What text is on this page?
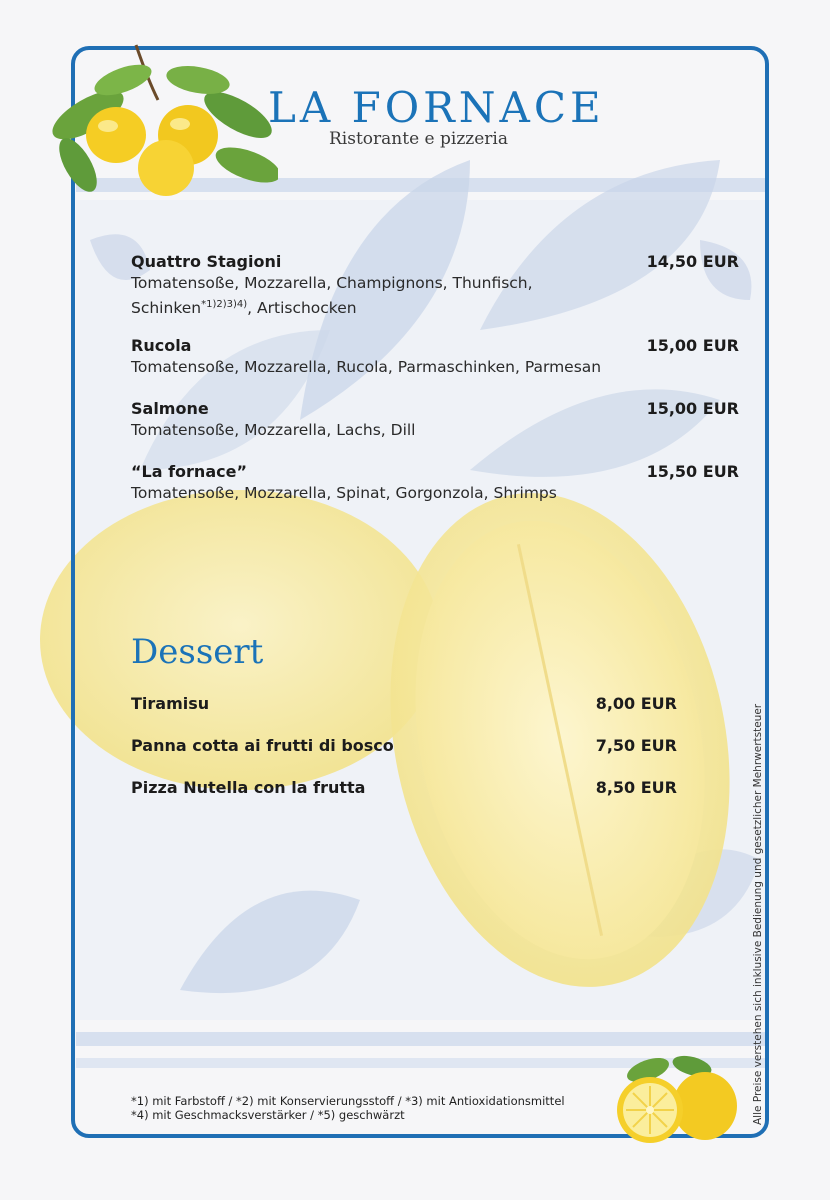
LA FORNACE
Ristorante e pizzeria
Quattro Stagioni
Tomatensoße, Mozzarella, Champignons, Thunfisch,
Schinken$^{*1)2)3)4)}$, Artischocken
14,50 EUR
Rucola
Tomatensoße, Mozzarella, Rucola, Parmaschinken, Parmesan
15,00 EUR
Salmone
Tomatensoße, Mozzarella, Lachs, Dill
15,00 EUR
“La fornace”
Tomatensoße, Mozzarella, Spinat, Gorgonzola, Shrimps
15,50 EUR
Dessert
Tiramisu	8,00 EUR
Panna cotta ai frutti di bosco	7,50 EUR
Pizza Nutella con la frutta	8,50 EUR
*1) mit Farbstoff / *2) mit Konservierungsstoff / *3) mit Antioxidationsmittel
*4) mit Geschmacksverstärker / *5) geschwärzt	Alle Preise verstehen sich inklusive Bedienung und gesetzlicher Mehrwertsteuer
